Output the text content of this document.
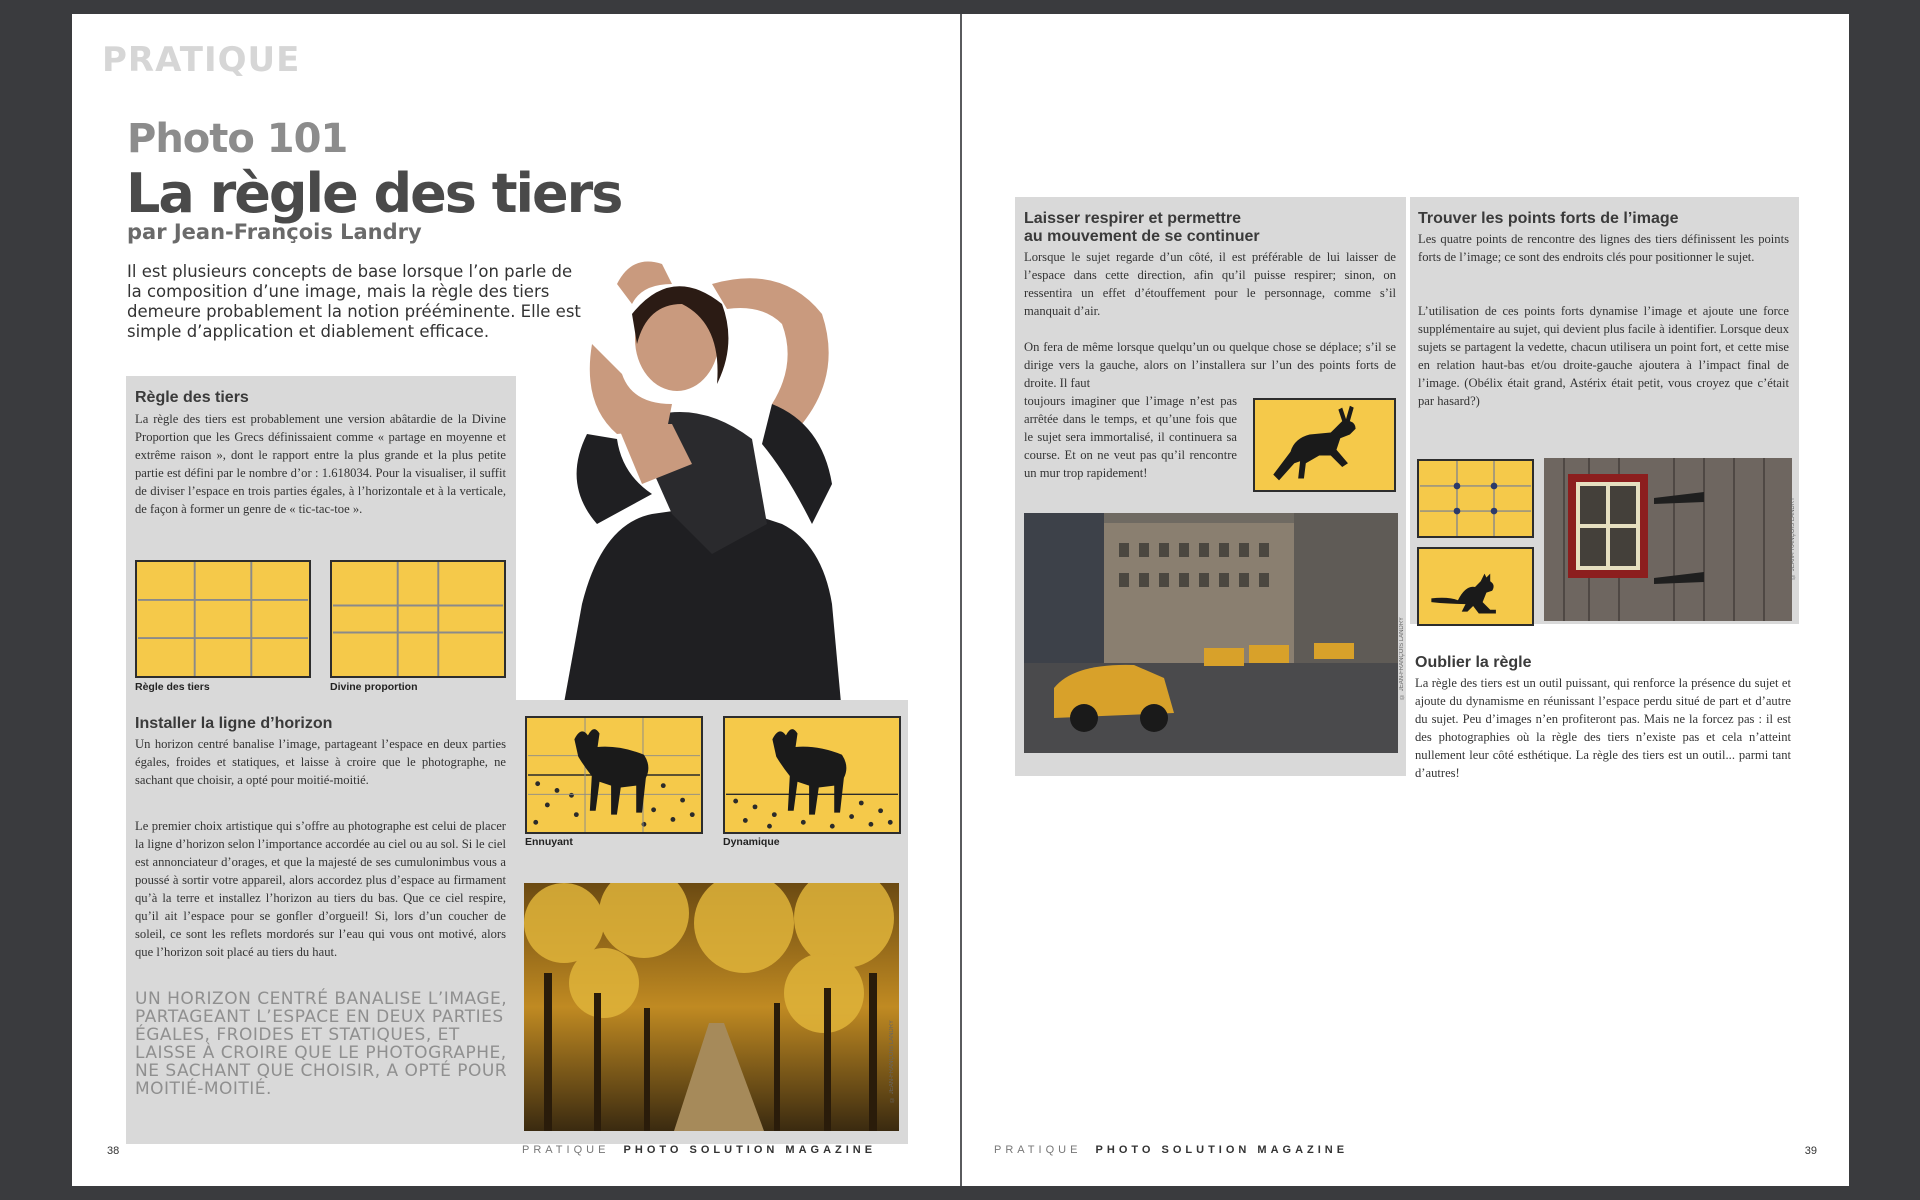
PRATIQUE
Photo 101
La règle des tiers
par Jean-François Landry
Il est plusieurs concepts de base lorsque l’on parle de la composition d’une image, mais la règle des tiers demeure probablement la notion prééminente. Elle est simple d’application et diablement efficace.
Règle des tiers

La règle des tiers est probablement une version abâtardie de la Divine Proportion que les Grecs définissaient comme « partage en moyenne et extrême raison », dont le rapport entre la plus grande et la plus petite partie est défini par le nombre d’or : 1.618034. Pour la visualiser, il suffit de diviser l’espace en trois parties égales, à l’horizontale et à la verticale, de façon à former un genre de « tic-tac-toe ».

Règle des tiers	Divine proportion
Installer la ligne d’horizon

Un horizon centré banalise l’image, partageant l’espace en deux parties égales, froides et statiques, et laisse à croire que le photographe, ne sachant que choisir, a opté pour moitié-moitié.

Le premier choix artistique qui s’offre au photographe est celui de placer la ligne d’horizon selon l’importance accordée au ciel ou au sol. Si le ciel est annonciateur d’orages, et que la majesté de ses cumulonimbus vous a poussé à sortir votre appareil, alors accordez plus d’espace au firmament qu’à la terre et installez l’horizon au tiers du bas. Que ce ciel respire, qu’il ait l’espace pour se gonfler d’orgueil! Si, lors d’un coucher de soleil, ce sont les reflets mordorés sur l’eau qui vous ont motivé, alors que l’horizon soit placé au tiers du haut.

UN HORIZON CENTRÉ BANALISE L’IMAGE, PARTAGEANT L’ESPACE EN DEUX PARTIES ÉGALES, FROIDES ET STATIQUES, ET LAISSE À CROIRE QUE LE PHOTOGRAPHE, NE SACHANT QUE CHOISIR, A OPTÉ POUR MOITIÉ-MOITIÉ.
Ennuyant	Dynamique
© JEAN-FRANÇOIS LANDRY
38	PRATIQUE PHOTO SOLUTION MAGAZINE
Laisser respirer et permettre
au mouvement de se continuer

Lorsque le sujet regarde d’un côté, il est préférable de lui laisser de l’espace dans cette direction, afin qu’il puisse respirer; sinon, on ressentira un effet d’étouffement pour le personnage, comme s’il manquait d’air.

On fera de même lorsque quelqu’un ou quelque chose se déplace; s’il se dirige vers la gauche, alors on l’installera sur l’un des points forts de droite. Il faut

toujours imaginer que l’image n’est pas arrêtée dans le temps, et qu’une fois que le sujet sera immortalisé, il continuera sa course. Et on ne veut pas qu’il rencontre un mur trop rapidement!

© JEAN-FRANÇOIS LANDRY
Trouver les points forts de l’image

Les quatre points de rencontre des lignes des tiers définissent les points forts de l’image; ce sont des endroits clés pour positionner le sujet.

L’utilisation de ces points forts dynamise l’image et ajoute une force supplémentaire au sujet, qui devient plus facile à identifier. Lorsque deux sujets se partagent la vedette, chacun utilisera un point fort, et cette mise en relation haut-bas et/ou droite-gauche ajoutera à l’impact final de l’image. (Obélix était grand, Astérix était petit, vous croyez que c’était par hasard?)

© JEAN-FRANÇOIS LANDRY
Oublier la règle

La règle des tiers est un outil puissant, qui renforce la présence du sujet et ajoute du dynamisme en réunissant l’espace perdu situé de part et d’autre du sujet. Peu d’images n’en profiteront pas. Mais ne la forcez pas : il est des photographies où la règle des tiers n’existe pas et cela n’atteint nullement leur côté esthétique. La règle des tiers est un outil... parmi tant d’autres!

PRATIQUE PHOTO SOLUTION MAGAZINE	39
